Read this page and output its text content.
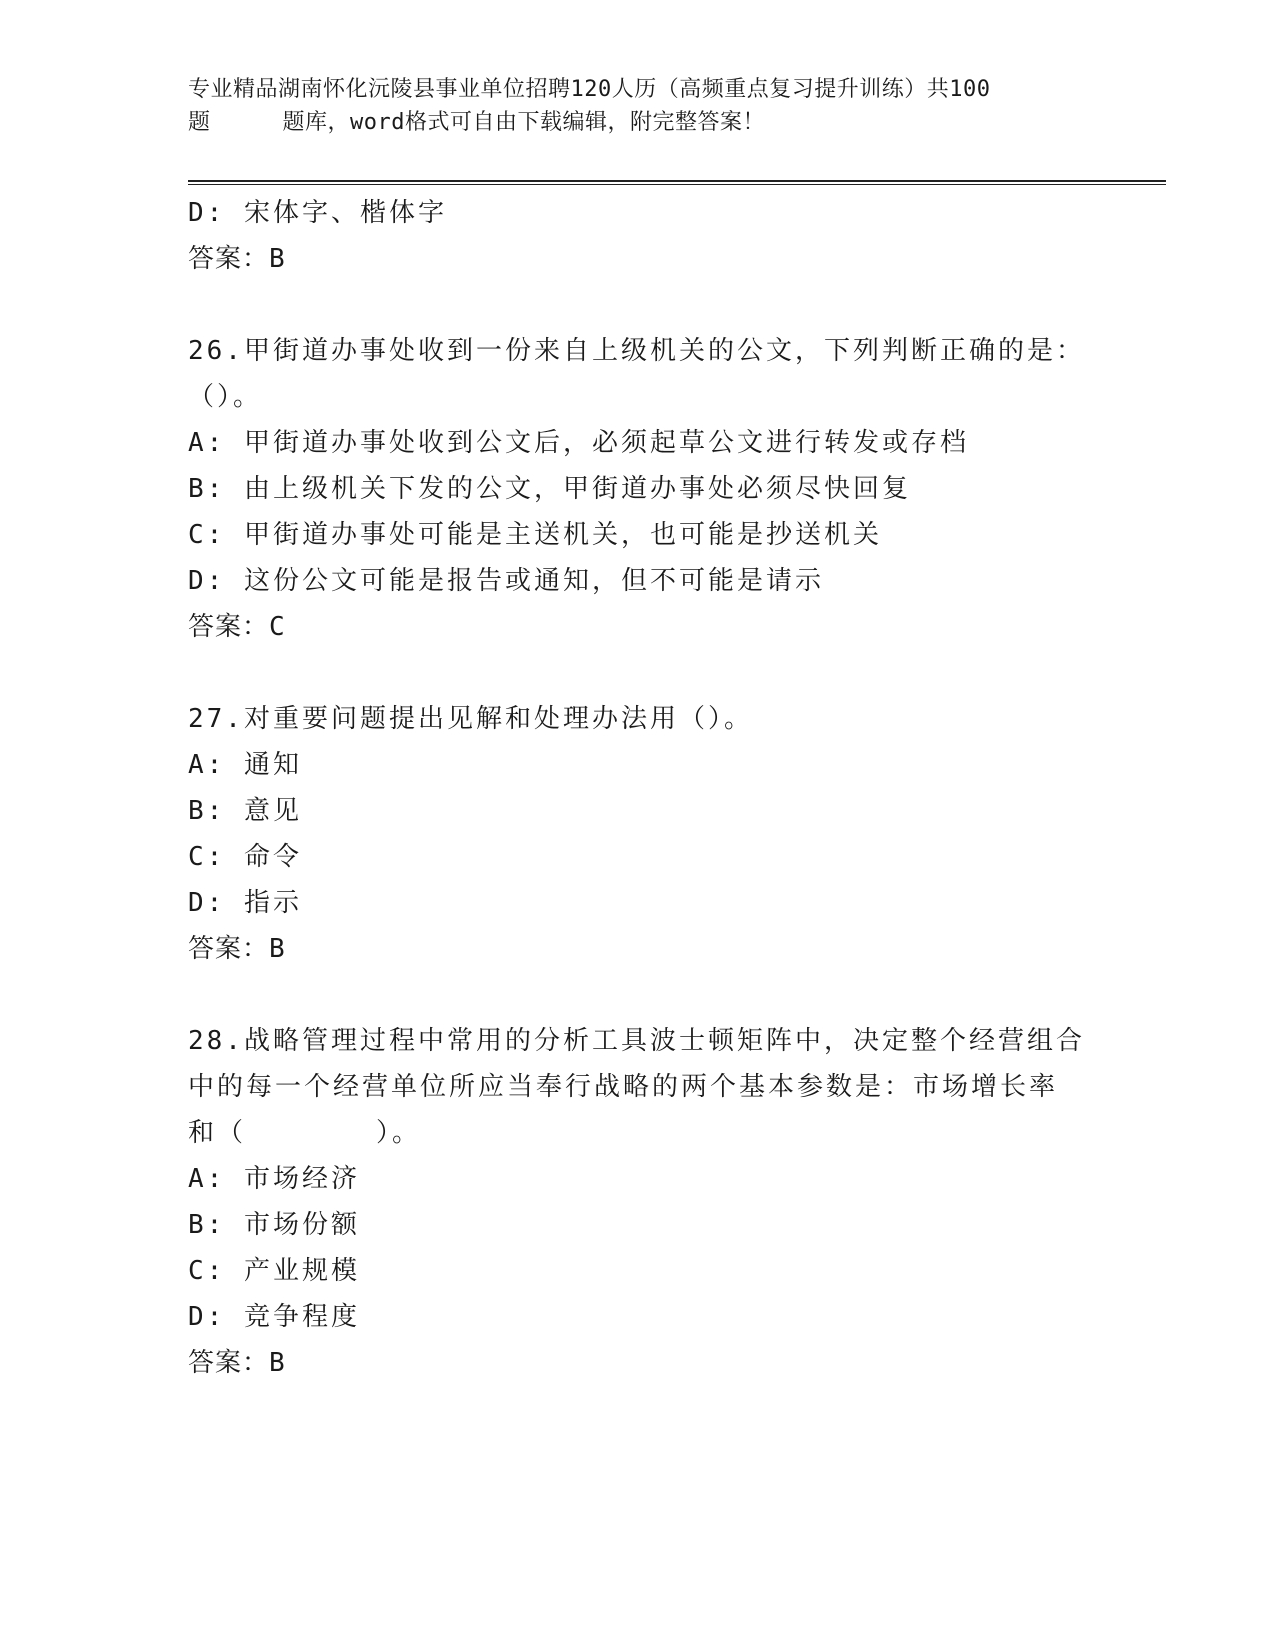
专业精品湖南怀化沅陵县事业单位招聘120人历（高频重点复习提升训练）共100
题	题库，word格式可自由下载编辑，附完整答案！
D: 宋体字、楷体字
答案：B
26.甲街道办事处收到一份来自上级机关的公文，下列判断正确的是：
（）。
A: 甲街道办事处收到公文后，必须起草公文进行转发或存档
B: 由上级机关下发的公文，甲街道办事处必须尽快回复
C: 甲街道办事处可能是主送机关，也可能是抄送机关
D: 这份公文可能是报告或通知，但不可能是请示
答案：C
27.对重要问题提出见解和处理办法用（）。
A: 通知
B: 意见
C: 命令
D: 指示
答案：B
28.战略管理过程中常用的分析工具波士顿矩阵中，决定整个经营组合
中的每一个经营单位所应当奉行战略的两个基本参数是：市场增长率
和（	）。
A: 市场经济
B: 市场份额
C: 产业规模
D: 竞争程度
答案：B
